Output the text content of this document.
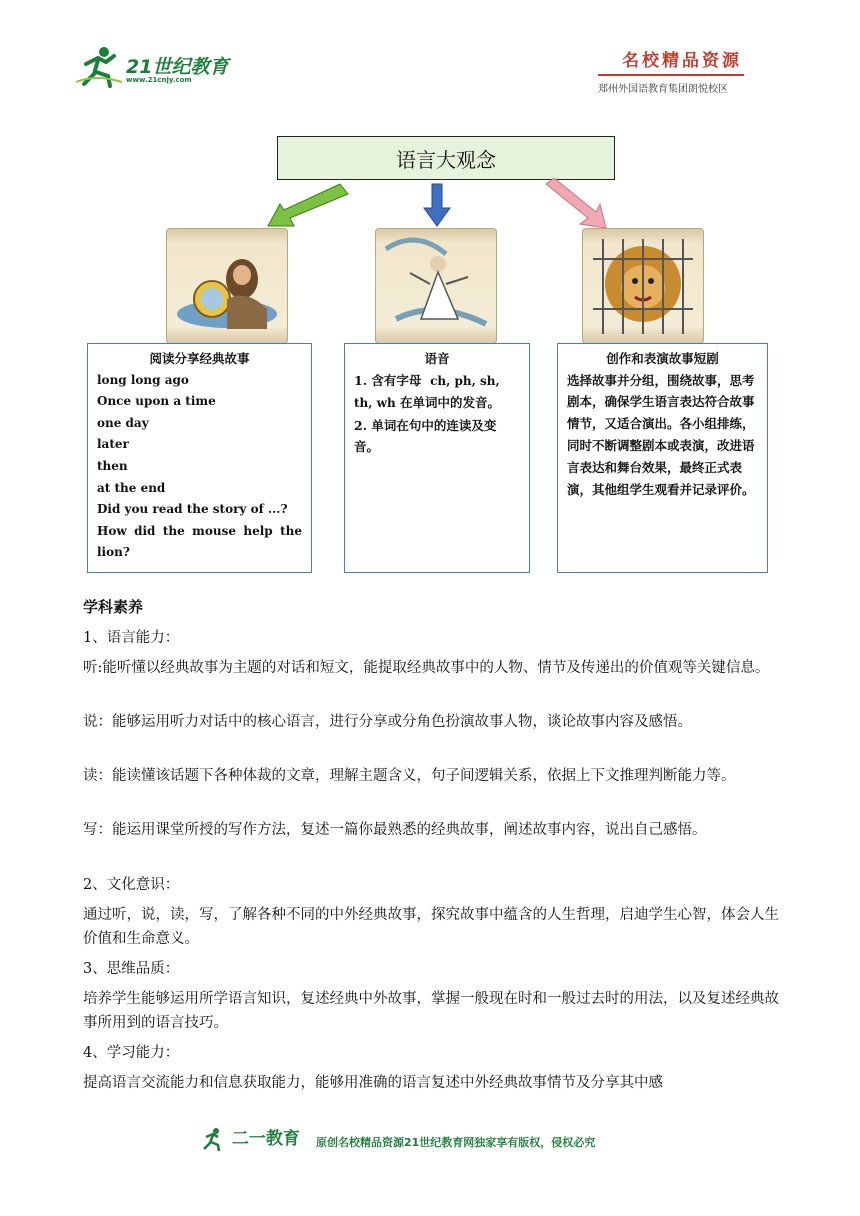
21世纪教育
www.21cnjy.com
名校精品资源
郑州外国语教育集团朗悦校区
语言大观念
阅读分享经典故事
long long ago
Once upon a time
one day
later
then
at the end
Did you read the story of ...?
How did the mouse help the
lion?
语音
1. 含有字母 ch, ph, sh,
th, wh 在单词中的发音。
2. 单词在句中的连读及变音。
创作和表演故事短剧
选择故事并分组，围绕故事，思考剧本，确保学生语言表达符合故事情节，又适合演出。各小组排练，同时不断调整剧本或表演，改进语言表达和舞台效果，最终正式表演，其他组学生观看并记录评价。
学科素养
1、语言能力：
听:能听懂以经典故事为主题的对话和短文，能提取经典故事中的人物、情节及传递出的价值观等关键信息。
说：能够运用听力对话中的核心语言，进行分享或分角色扮演故事人物，谈论故事内容及感悟。
读：能读懂该话题下各种体裁的文章，理解主题含义，句子间逻辑关系，依据上下文推理判断能力等。
写：能运用课堂所授的写作方法，复述一篇你最熟悉的经典故事，阐述故事内容，说出自己感悟。
2、文化意识：
通过听，说，读，写，了解各种不同的中外经典故事，探究故事中蕴含的人生哲理，启迪学生心智，体会人生价值和生命意义。
3、思维品质：
培养学生能够运用所学语言知识，复述经典中外故事，掌握一般现在时和一般过去时的用法，以及复述经典故事所用到的语言技巧。
4、学习能力：
提高语言交流能力和信息获取能力，能够用准确的语言复述中外经典故事情节及分享其中感
二一教育 原创名校精品资源21世纪教育网独家享有版权，侵权必究
